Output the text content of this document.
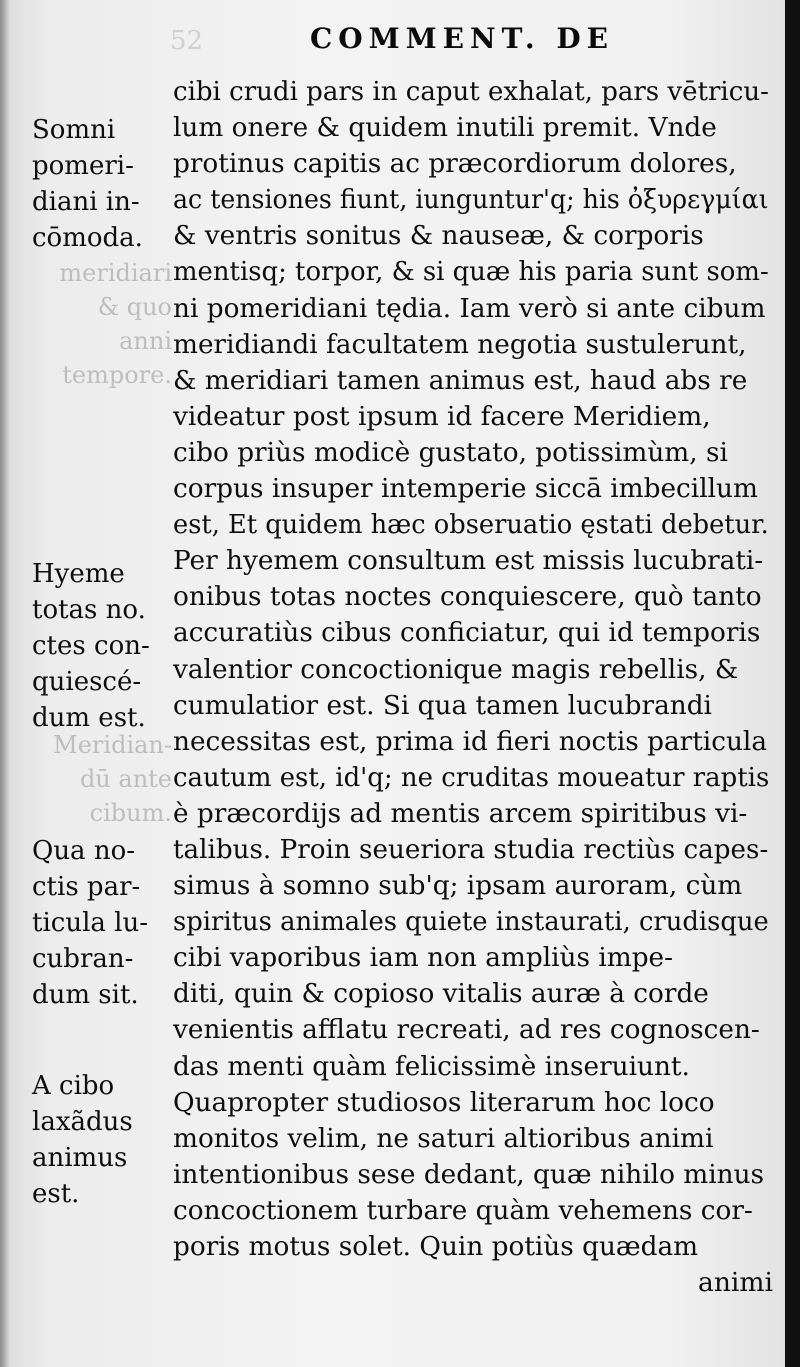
52	COMMENT. DE
meridiari
& quo
anni
tempore.
Meridian-
dū ante
cibum.
Somni
pomeri-
diani in-
cōmoda.
Hyeme
totas no.
ctes con-
quiescé-
dum est.
Qua no-
ctis par-
ticula lu-
cubran-
dum sit.
A cibo
laxãdus
animus
est.
cibi crudi pars in caput exhalat, pars vētricu-
lum onere & quidem inutili premit. Vnde
protinus capitis ac præcordiorum dolores,
ac tensiones fiunt, iunguntur'q; his ὀξυρεγμίαι
& ventris sonitus & nauseæ, & corporis
mentisq; torpor, & si quæ his paria sunt som-
ni pomeridiani tędia. Iam verò si ante cibum
meridiandi facultatem negotia sustulerunt,
& meridiari tamen animus est, haud abs re
videatur post ipsum id facere Meridiem,
cibo priùs modicè gustato, potissimùm, si
corpus insuper intemperie siccā imbecillum
est, Et quidem hæc obseruatio ęstati debetur.
Per hyemem consultum est missis lucubrati-
onibus totas noctes conquiescere, quò tanto
accuratiùs cibus conficiatur, qui id temporis
valentior concoctionique magis rebellis, &
cumulatior est. Si qua tamen lucubrandi
necessitas est, prima id fieri noctis particula
cautum est, id'q; ne cruditas moueatur raptis
è præcordijs ad mentis arcem spiritibus vi-
talibus. Proin seueriora studia rectiùs capes-
simus à somno sub'q; ipsam auroram, cùm
spiritus animales quiete instaurati, crudisque
cibi vaporibus iam non ampliùs impe-
diti, quin & copioso vitalis auræ à corde
venientis afflatu recreati, ad res cognoscen-
das menti quàm felicissimè inseruiunt.
Quapropter studiosos literarum hoc loco
monitos velim, ne saturi altioribus animi
intentionibus sese dedant, quæ nihilo minus
concoctionem turbare quàm vehemens cor-
poris motus solet. Quin potiùs quædam
animi
